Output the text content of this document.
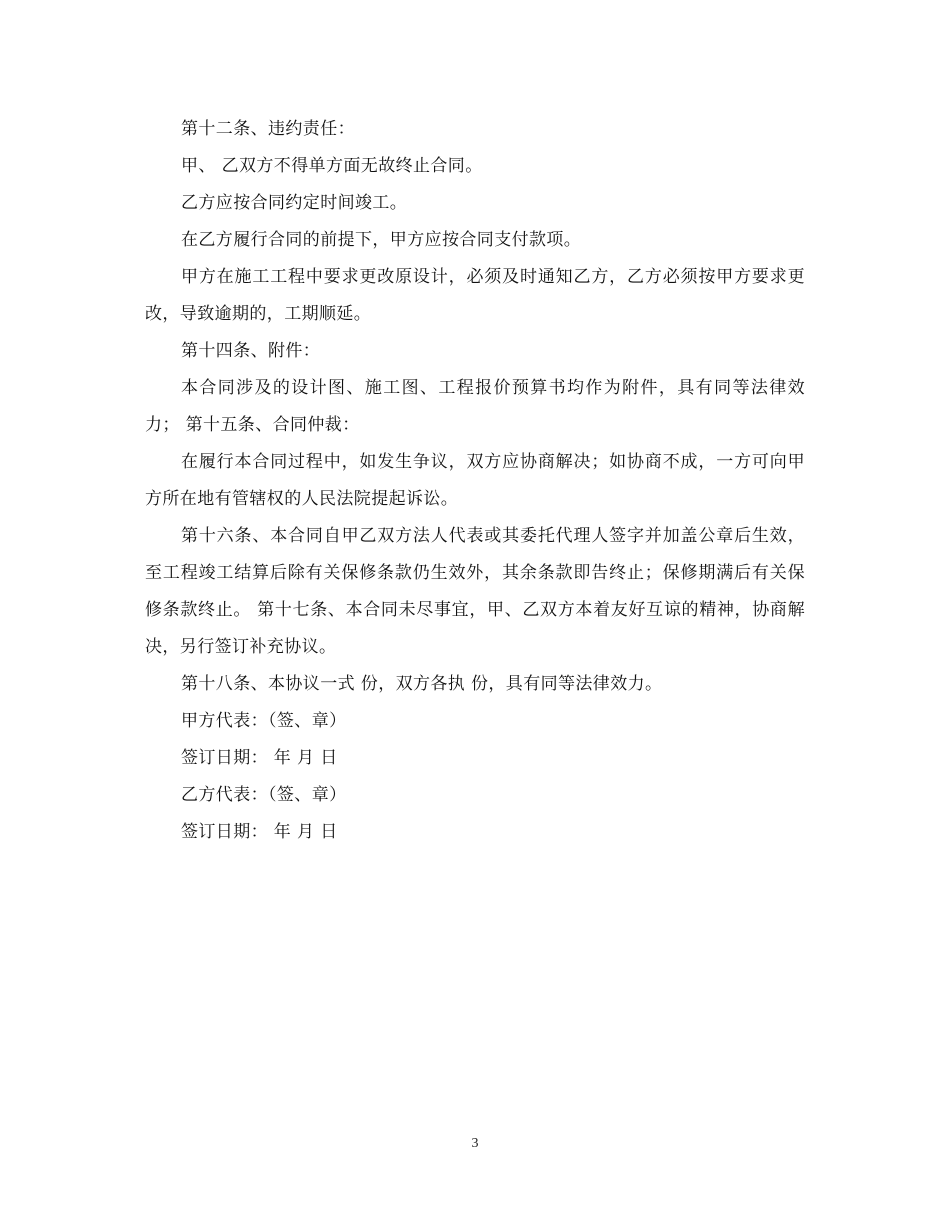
第十二条、违约责任：

甲、 乙双方不得单方面无故终止合同。

乙方应按合同约定时间竣工。

在乙方履行合同的前提下，甲方应按合同支付款项。

甲方在施工工程中要求更改原设计，必须及时通知乙方，乙方必须按甲方要求更改，导致逾期的，工期顺延。

第十四条、附件：

本合同涉及的设计图、施工图、工程报价预算书均作为附件，具有同等法律效力； 第十五条、合同仲裁：

在履行本合同过程中，如发生争议，双方应协商解决；如协商不成，一方可向甲方所在地有管辖权的人民法院提起诉讼。

第十六条、本合同自甲乙双方法人代表或其委托代理人签字并加盖公章后生效，至工程竣工结算后除有关保修条款仍生效外，其余条款即告终止；保修期满后有关保修条款终止。 第十七条、本合同未尽事宜，甲、乙双方本着友好互谅的精神，协商解决，另行签订补充协议。

第十八条、本协议一式 份，双方各执 份，具有同等法律效力。

甲方代表：（签、章）

签订日期： 年 月 日

乙方代表：（签、章）

签订日期： 年 月 日

3
